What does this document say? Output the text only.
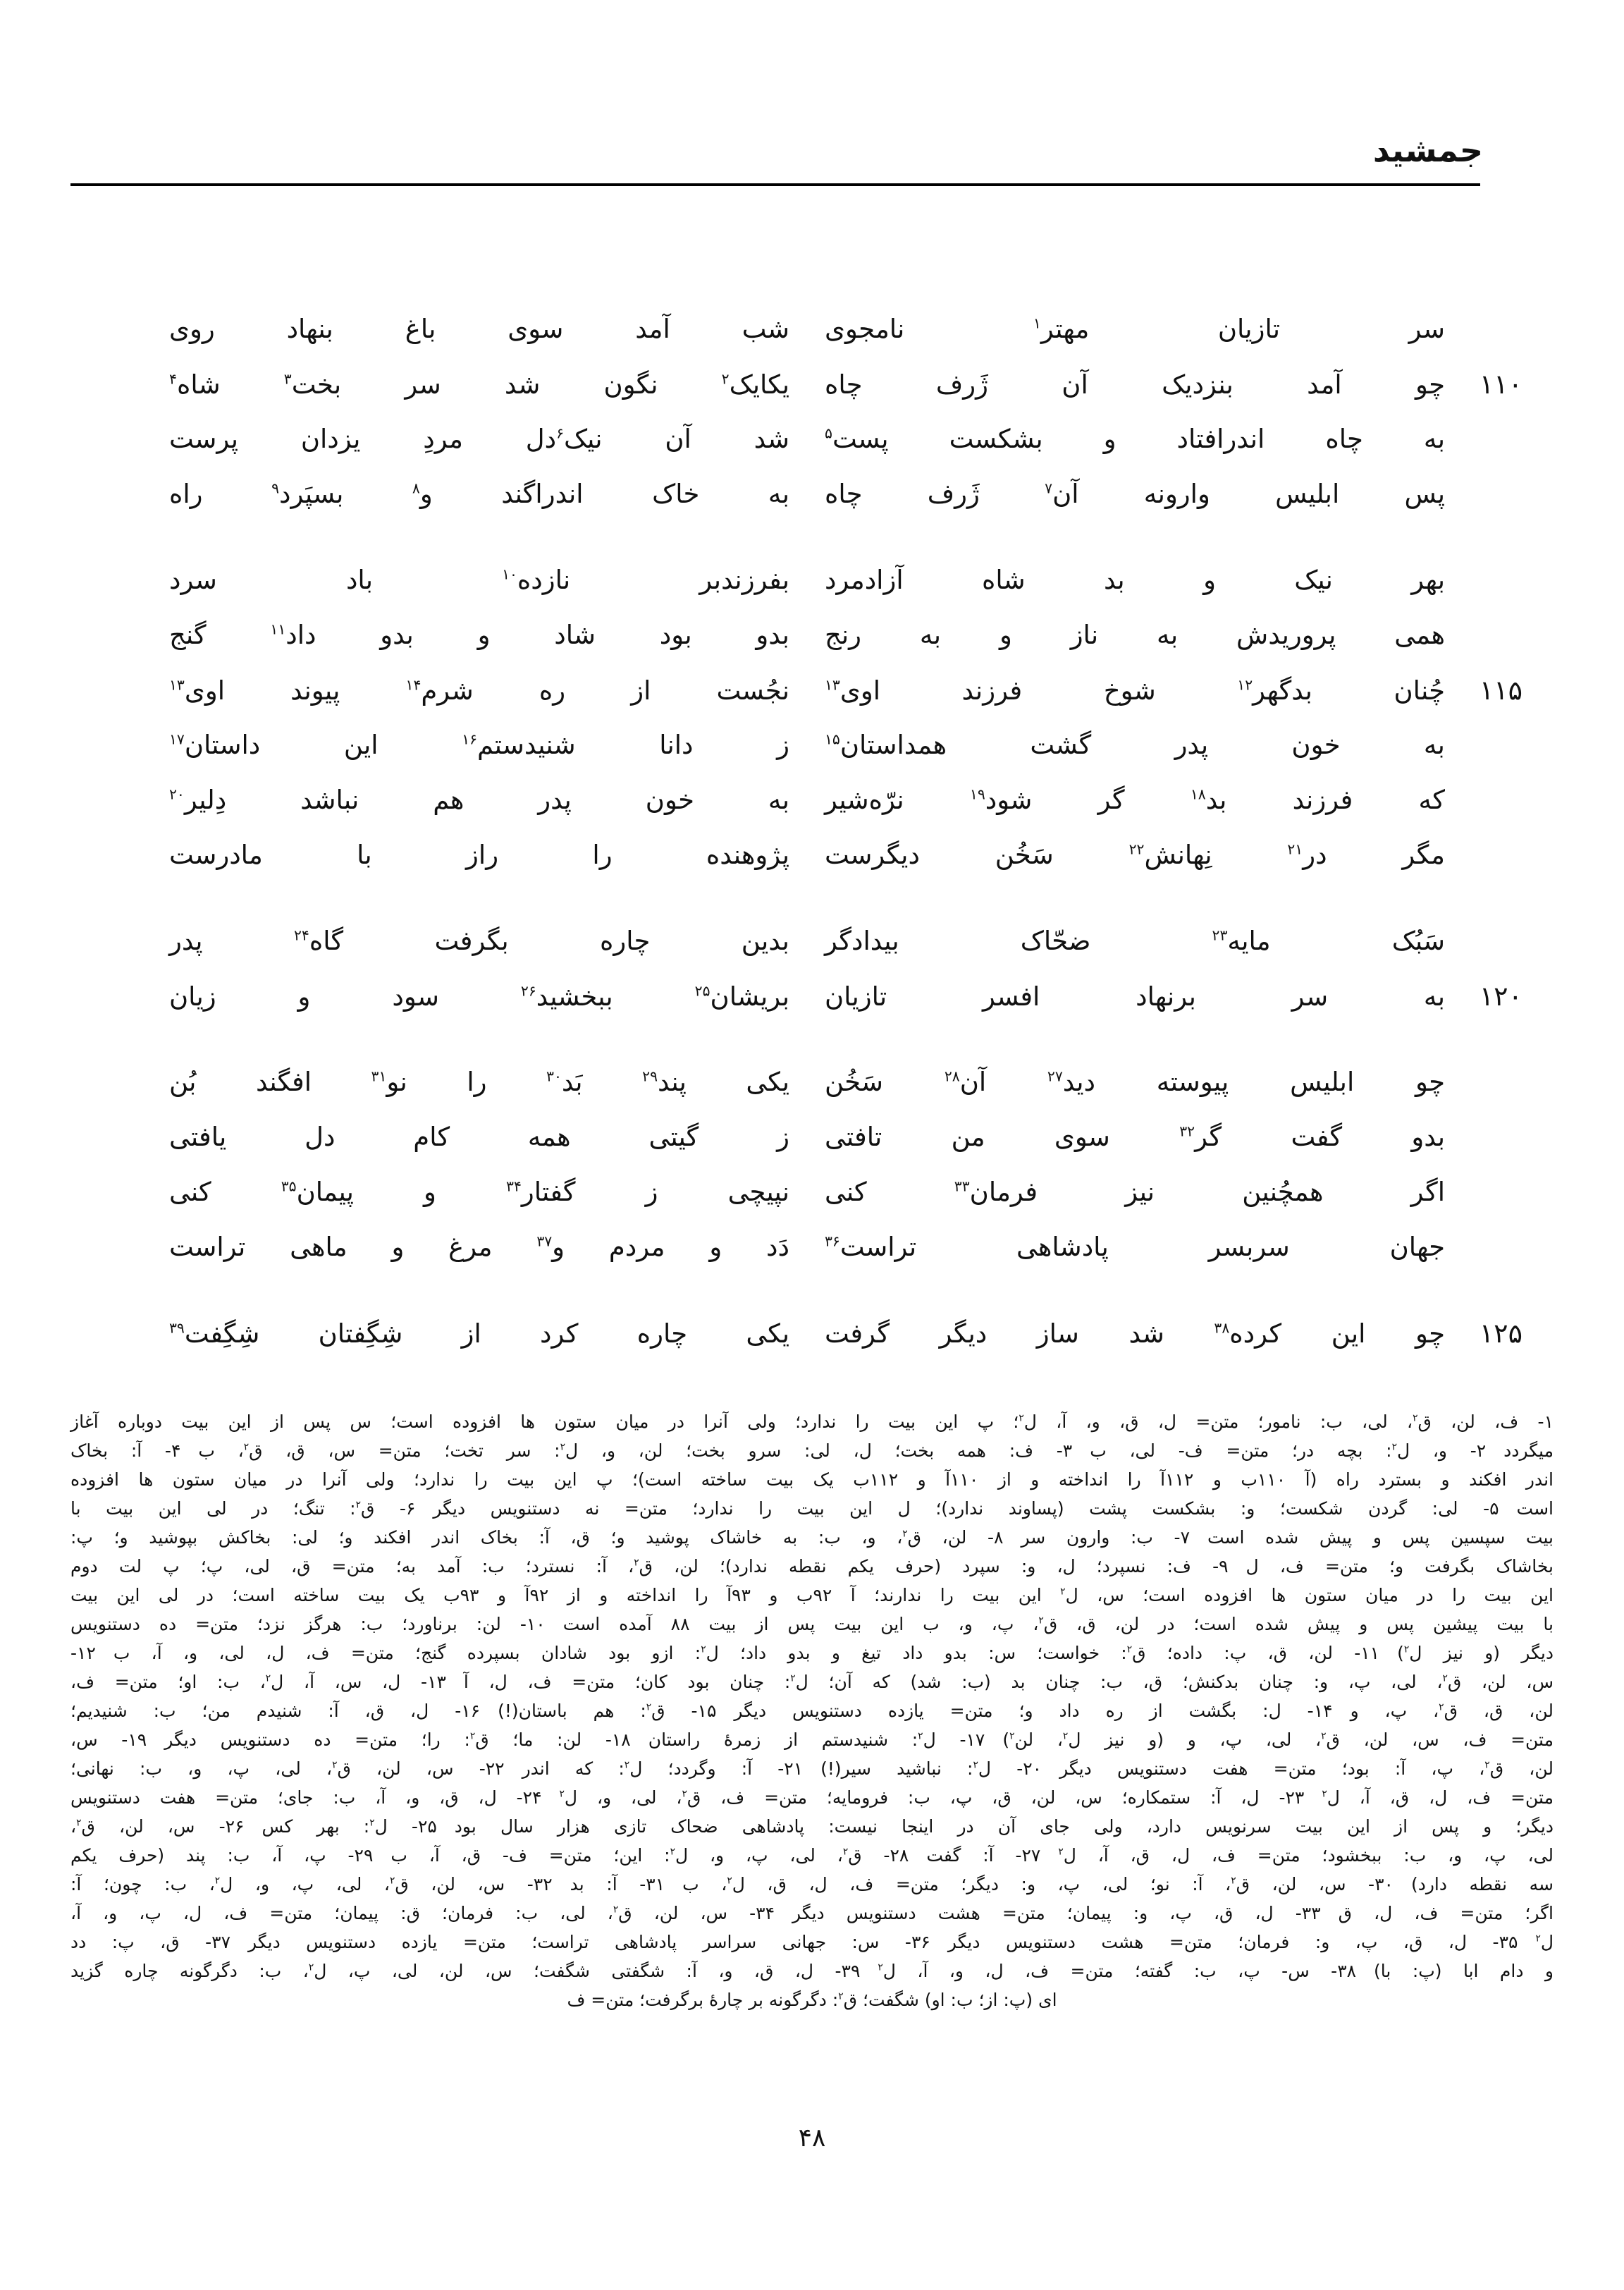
جمشید
سر تازیان مهتر$^۱$ نامجوی
شب آمد سوی باغ بنهاد روی
۱۱۰
چو آمد بنزدیک آن ژَرف چاه
یکایک$^۲$ نگون شد سر بخت$^۳$ شاه$^۴$
به چاه اندرافتاد و بشکست پست$^۵$
شد آن نیک$^۶$دل مردِ یزدان پرست
پس ابلیس وارونه آن$^۷$ ژَرف چاه
به خاک اندراگند و$^۸$ بسپَرد$^۹$ راه
بهر نیک و بد شاه آزادمرد
بفرزندبر نازده$^{۱۰}$ باد سرد
همی پروریدش به ناز و به رنج
بدو بود شاد و بدو داد$^{۱۱}$ گنج
۱۱۵
چُنان بدگهر$^{۱۲}$ شوخ فرزند اوی$^{۱۳}$
نجُست از ره شرم$^{۱۴}$ پیوند اوی$^{۱۳}$
به خون پدر گشت همداستان$^{۱۵}$
ز دانا شنیدستم$^{۱۶}$ این داستان$^{۱۷}$
که فرزند بد$^{۱۸}$ گر شود$^{۱۹}$ نرّه‌شیر
به خون پدر هم نباشد دِلیر$^{۲۰}$
مگر در$^{۲۱}$ نِهانش$^{۲۲}$ سَخُن دیگرست
پژوهنده را راز با مادرست
سَبُک مایه$^{۲۳}$ ضحّاک بیدادگر
بدین چاره بگرفت گاه$^{۲۴}$ پدر
۱۲۰
به سر برنهاد افسر تازیان
بریشان$^{۲۵}$ ببخشید$^{۲۶}$ سود و زیان
چو ابلیس پیوسته دید$^{۲۷}$ آن$^{۲۸}$ سَخُن
یکی پند$^{۲۹}$ بَد$^{۳۰}$ را نو$^{۳۱}$ افگند بُن
بدو گفت گر$^{۳۲}$ سوی من تافتی
ز گیتی همه کام دل یافتی
اگر همچُنین نیز فرمان$^{۳۳}$ کنی
نپیچی ز گفتار$^{۳۴}$ و پیمان$^{۳۵}$ کنی
جهان سربسر پادشاهی تراست$^{۳۶}$
دَد و مردم و$^{۳۷}$ مرغ و ماهی تراست
۱۲۵
چو این کرده$^{۳۸}$ شد ساز دیگر گرفت
یکی چاره کرد از شِگِفتان شِگِفت$^{۳۹}$
۱- ف، لن، ق$^۲$، لی، ب: نامور؛ متن= ل، ق، و، آ، ل$^۲$؛ پ این بیت را ندارد؛ ولی آنرا در میان ستون ها افزوده است؛ س پس از این بیت دوباره آغاز
میگردد ۲- و، ل$^۲$: بچه در؛ متن= ف- لی، ب ۳- ف: همه بخت؛ ل، لی: سرو بخت؛ لن، و، ل$^۲$: سر تخت؛ متن= س، ق، ق$^۲$، ب ۴- آ: بخاک
اندر افکند و بسترد راه (آ ۱۱۰ب و ۱۱۲آ را انداخته و از ۱۱۰آ و ۱۱۲ب یک بیت ساخته است)؛ پ این بیت را ندارد؛ ولی آنرا در میان ستون ها افزوده
است ۵- لی: گردن شکست؛ و: بشکست پشت (پساوند ندارد)؛ ل این بیت را ندارد؛ متن= نه دستنویس دیگر ۶- ق$^۲$: تنگ؛ در لی این بیت با
بیت سپسین پس و پیش شده است ۷- ب: وارون سر ۸- لن، ق$^۲$، و، ب: به خاشاک پوشید و؛ ق، آ: بخاک اندر افکند و؛ لی: بخاکش بپوشید و؛ پ:
بخاشاک بگرفت و؛ متن= ف، ل ۹- ف: نسپرد؛ ل، و: سپرد (حرف یکم نقطه ندارد)؛ لن، ق$^۲$، آ: نسترد؛ ب: آمد به؛ متن= ق، لی، پ؛ پ لت دوم
این بیت را در میان ستون ها افزوده است؛ س، ل$^۲$ این بیت را ندارند؛ آ ۹۲ب و ۹۳آ را انداخته و از ۹۲آ و ۹۳ب یک بیت ساخته است؛ در لی این بیت
با بیت پیشین پس و پیش شده است؛ در لن، ق، ق$^۲$، پ، و، ب این بیت پس از بیت ۸۸ آمده است ۱۰- لن: برناورد؛ ب: هرگز نزد؛ متن= ده دستنویس
دیگر (و نیز ل$^۲$) ۱۱- لن، ق، پ: داده؛ ق$^۲$: خواست؛ س: بدو داد تیغ و بدو داد؛ ل$^۲$: ازو بود شادان بسپرده گنج؛ متن= ف، ل، لی، و، آ، ب ۱۲-
س، لن، ق$^۲$، لی، پ، و: چنان بدکنش؛ ق، ب: چنان بد (ب: شد) که آن؛ ل$^۲$: چنان بود کان؛ متن= ف، ل، آ ۱۳- ل، س، آ، ل$^۲$، ب: او؛ متن= ف،
لن، ق، ق$^۲$، پ، و ۱۴- ل: بگشت از ره داد و؛ متن= یازده دستنویس دیگر ۱۵- ق$^۲$: هم باستان(!) ۱۶- ل، ق، آ: شنیدم من؛ ب: شنیدیم؛
متن= ف، س، لن، ق$^۲$، لی، پ، و (و نیز ل$^۲$، لن$^۲$) ۱۷- ل$^۲$: شنیدستم از زمرهٔ راستان ۱۸- لن: ما؛ ق$^۲$: را؛ متن= ده دستنویس دیگر ۱۹- س،
لن، ق$^۲$، پ، آ: بود؛ متن= هفت دستنویس دیگر ۲۰- ل$^۲$: نباشید سیر(!) ۲۱- آ: وگردد؛ ل$^۲$: که اندر ۲۲- س، لن، ق$^۲$، لی، پ، و، ب: نهانی؛
متن= ف، ل، ق، آ، ل$^۲$ ۲۳- ل، آ: ستمکاره؛ س، لن، ق، پ، ب: فرومایه؛ متن= ف، ق$^۲$، لی، و، ل$^۲$ ۲۴- ل، ق، و، آ، ب: جای؛ متن= هفت دستنویس
دیگر؛ و پس از این بیت سرنویس دارد، ولی جای آن در اینجا نیست: پادشاهی ضحاک تازی هزار سال بود ۲۵- ل$^۲$: بهر کس ۲۶- س، لن، ق$^۲$،
لی، پ، و، ب: ببخشود؛ متن= ف، ل، ق، آ، ل$^۲$ ۲۷- آ: گفت ۲۸- ق$^۲$، لی، پ، و، ل$^۲$: این؛ متن= ف- ق، آ، ب ۲۹- پ، آ، ب: پند (حرف یکم
سه نقطه دارد) ۳۰- س، لن، ق$^۲$، آ: نو؛ لی، پ، و: دیگر؛ متن= ف، ل، ق، ل$^۲$، ب ۳۱- آ: بد ۳۲- س، لن، ق$^۲$، لی، پ، و، ل$^۲$، ب: چون؛ آ:
اگر؛ متن= ف، ل، ق ۳۳- ل، ق، پ، و: پیمان؛ متن= هشت دستنویس دیگر ۳۴- س، لن، ق$^۲$، لی، ب: فرمان؛ ق: پیمان؛ متن= ف، ل، پ، و، آ،
ل$^۲$ ۳۵- ل، ق، پ، و: فرمان؛ متن= هشت دستنویس دیگر ۳۶- س: جهانی سراسر پادشاهی تراست؛ متن= یازده دستنویس دیگر ۳۷- ق، پ: دد
و دام ابا (پ: با) ۳۸- س- پ، ب: گفته؛ متن= ف، ل، و، آ، ل$^۲$ ۳۹- ل، ق، و، آ: شگفتی شگفت؛ س، لن، لی، پ، ل$^۲$، ب: دگرگونه چاره گزید
ای (پ: از؛ ب: او) شگفت؛ ق$^۲$: دگرگونه بر چارهٔ برگرفت؛ متن= ف
۴۸
